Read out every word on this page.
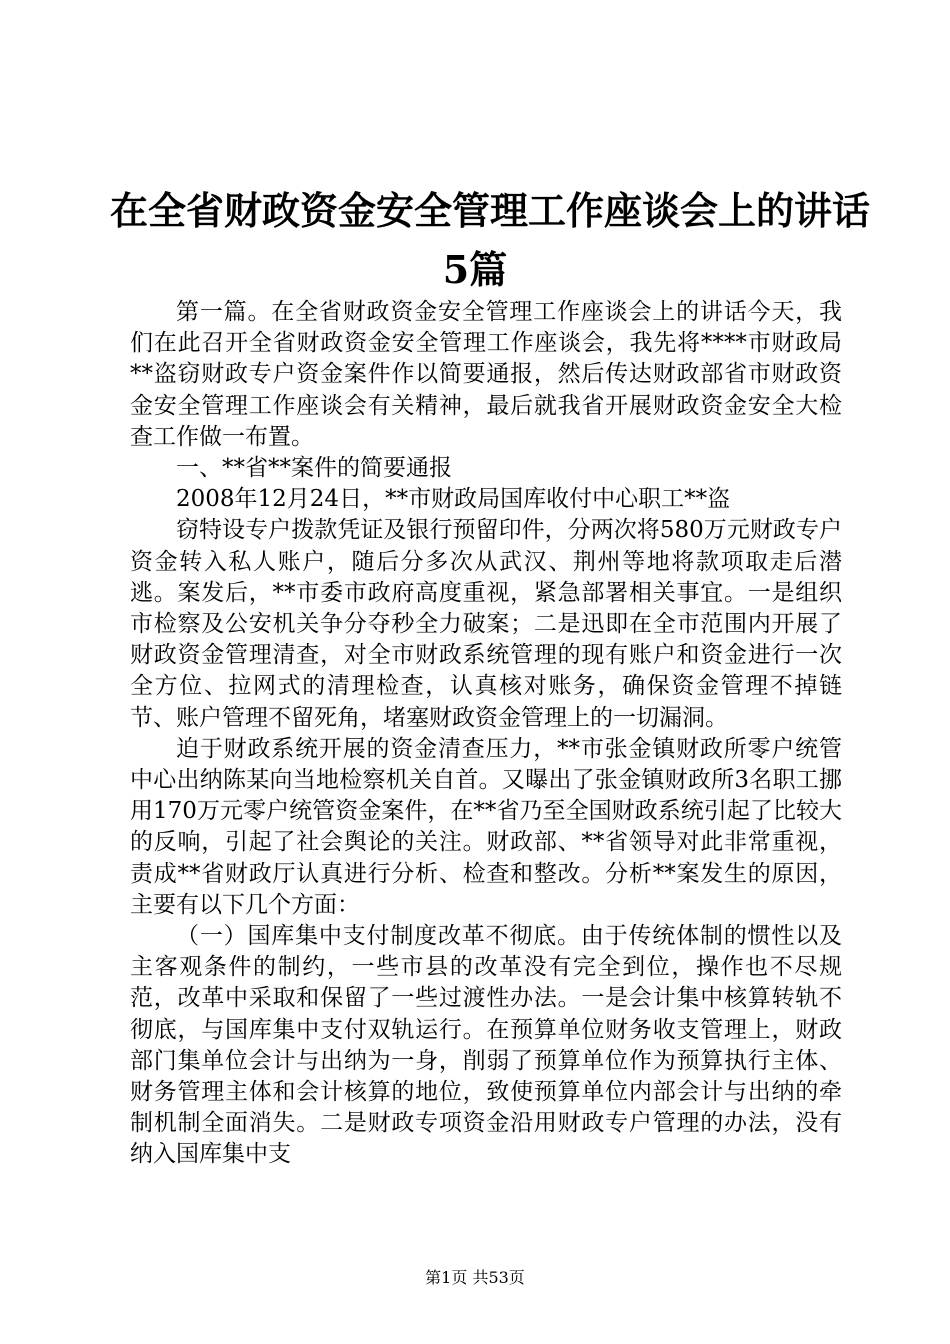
在全省财政资金安全管理工作座谈会上的讲话
5篇

第一篇。在全省财政资金安全管理工作座谈会上的讲话今天，我们在此召开全省财政资金安全管理工作座谈会，我先将****市财政局**盗窃财政专户资金案件作以简要通报，然后传达财政部省市财政资金安全管理工作座谈会有关精神，最后就我省开展财政资金安全大检查工作做一布置。

一、**省**案件的简要通报

2008年12月24日，**市财政局国库收付中心职工**盗

窃特设专户拨款凭证及银行预留印件，分两次将580万元财政专户资金转入私人账户，随后分多次从武汉、荆州等地将款项取走后潜逃。案发后，**市委市政府高度重视，紧急部署相关事宜。一是组织市检察及公安机关争分夺秒全力破案；二是迅即在全市范围内开展了财政资金管理清查，对全市财政系统管理的现有账户和资金进行一次全方位、拉网式的清理检查，认真核对账务，确保资金管理不掉链节、账户管理不留死角，堵塞财政资金管理上的一切漏洞。

迫于财政系统开展的资金清查压力，**市张金镇财政所零户统管中心出纳陈某向当地检察机关自首。又曝出了张金镇财政所3名职工挪用170万元零户统管资金案件，在**省乃至全国财政系统引起了比较大的反响，引起了社会舆论的关注。财政部、**省领导对此非常重视，责成**省财政厅认真进行分析、检查和整改。分析**案发生的原因，主要有以下几个方面：

（一）国库集中支付制度改革不彻底。由于传统体制的惯性以及主客观条件的制约，一些市县的改革没有完全到位，操作也不尽规范，改革中采取和保留了一些过渡性办法。一是会计集中核算转轨不彻底，与国库集中支付双轨运行。在预算单位财务收支管理上，财政部门集单位会计与出纳为一身，削弱了预算单位作为预算执行主体、财务管理主体和会计核算的地位，致使预算单位内部会计与出纳的牵制机制全面消失。二是财政专项资金沿用财政专户管理的办法，没有纳入国库集中支

第1页 共53页
